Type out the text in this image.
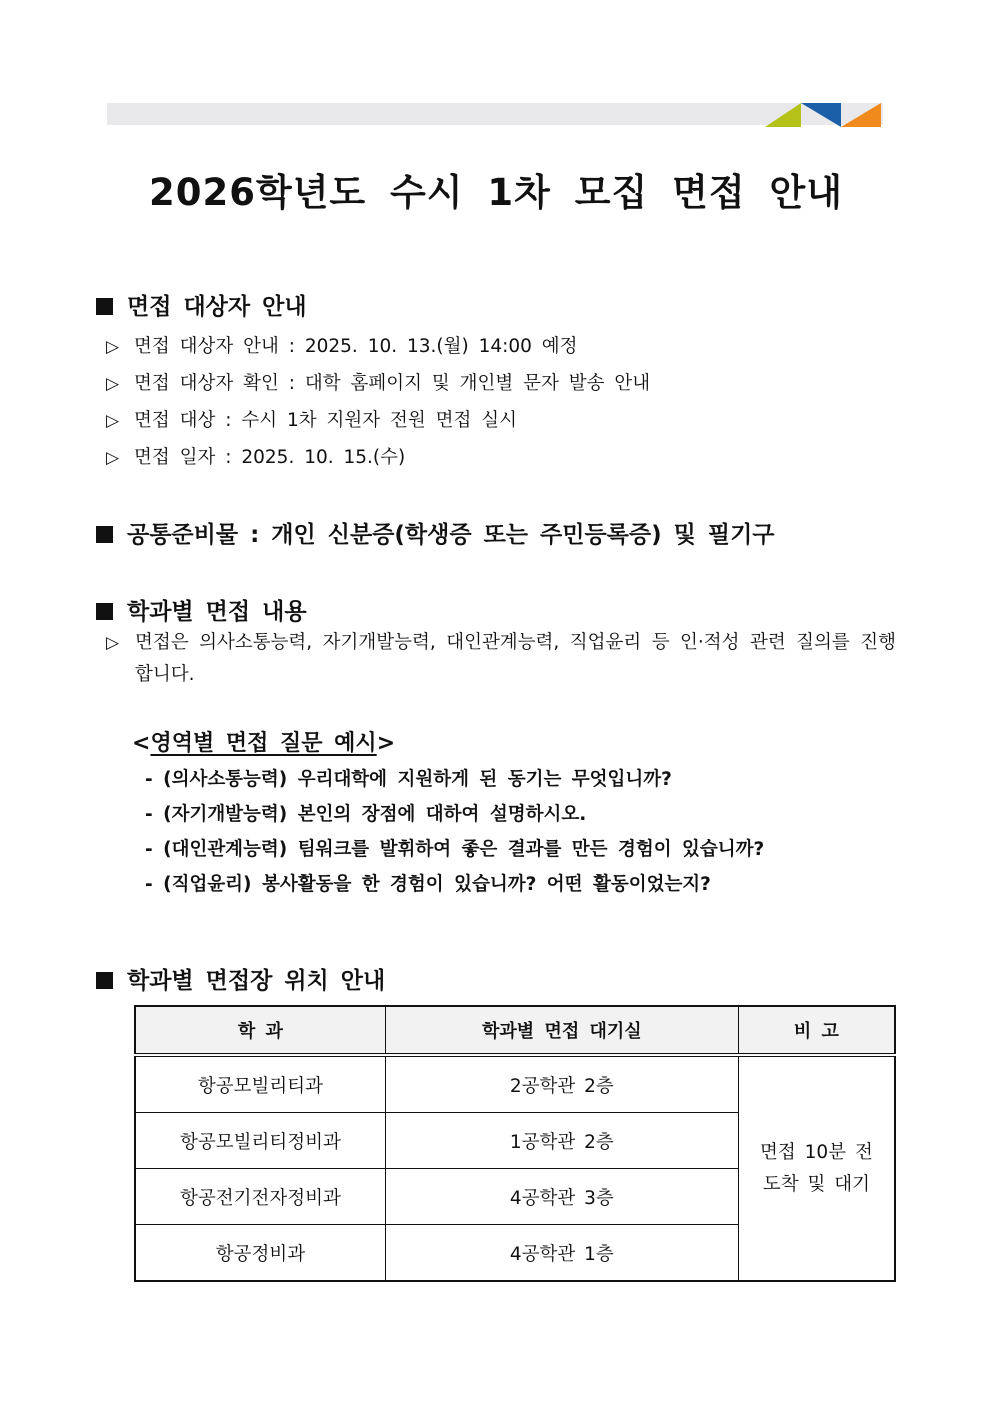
2026학년도 수시 1차 모집 면접 안내
면접 대상자 안내
▷ 면접 대상자 안내 : 2025. 10. 13.(월) 14:00 예정
▷ 면접 대상자 확인 : 대학 홈페이지 및 개인별 문자 발송 안내
▷ 면접 대상 : 수시 1차 지원자 전원 면접 실시
▷ 면접 일자 : 2025. 10. 15.(수)
공통준비물 : 개인 신분증(학생증 또는 주민등록증) 및 필기구
학과별 면접 내용
▷ 면접은 의사소통능력, 자기개발능력, 대인관계능력, 직업윤리 등 인·적성 관련 질의를 진행합니다.
<영역별 면접 질문 예시>
- (의사소통능력) 우리대학에 지원하게 된 동기는 무엇입니까?
- (자기개발능력) 본인의 장점에 대하여 설명하시오.
- (대인관계능력) 팀워크를 발휘하여 좋은 결과를 만든 경험이 있습니까?
- (직업윤리) 봉사활동을 한 경험이 있습니까? 어떤 활동이었는지?
학과별 면접장 위치 안내
학 과	학과별 면접 대기실	비 고
항공모빌리티과	2공학관 2층	면접 10분 전
도착 및 대기

항공모빌리티정비과	1공학관 2층	
항공전기전자정비과	4공학관 3층	
항공정비과	4공학관 1층	
